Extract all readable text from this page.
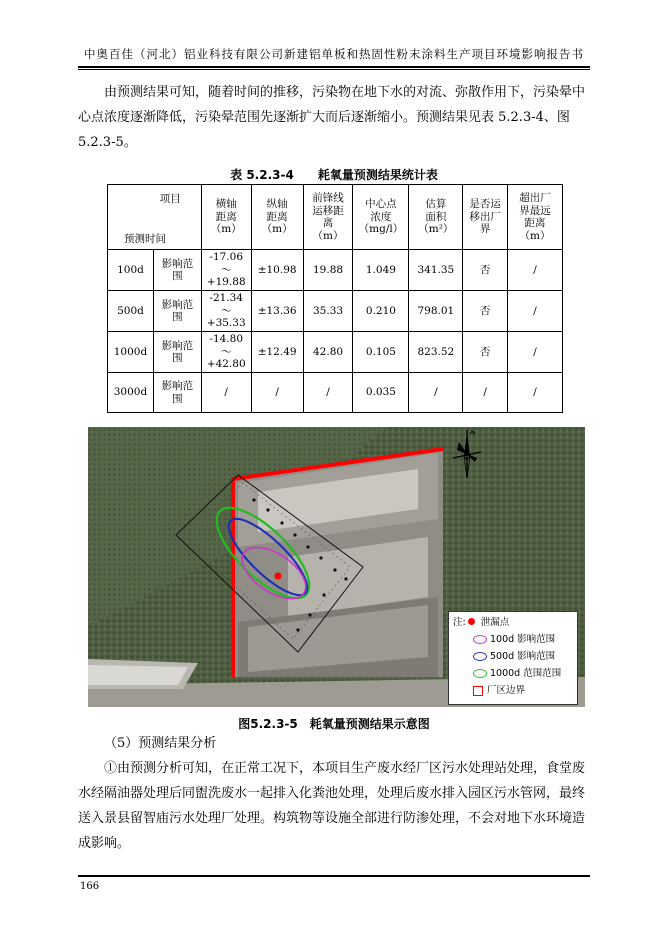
中奥百佳（河北）铝业科技有限公司新建铝单板和热固性粉末涂料生产项目环境影响报告书
由预测结果可知，随着时间的推移，污染物在地下水的对流、弥散作用下，污染晕中心点浓度逐渐降低，污染晕范围先逐渐扩大而后逐渐缩小。预测结果见表 5.2.3-4、图 5.2.3-5。
表 5.2.3-4　　耗氧量预测结果统计表
项目
预测时间		横轴
距离
（m）	纵轴
距离
（m）	前锋线
运移距
离
（m）	中心点
浓度
（mg/l）	估算
面积
（m²）	是否运
移出厂
界	超出厂
界最远
距离
（m）
100d	影响范围	-17.06
～
+19.88	±10.98	19.88	1.049	341.35	否	/
500d	影响范围	-21.34
～
+35.33	±13.36	35.33	0.210	798.01	否	/
1000d	影响范围	-14.80
～
+42.80	±12.49	42.80	0.105	823.52	否	/
3000d	影响范围	/	/	/	0.035	/	/	/
注: 泄漏点
100d 影响范围
500d 影响范围
1000d 范围范围
厂区边界
图5.2.3-5　耗氧量预测结果示意图
（5）预测结果分析
①由预测分析可知，在正常工况下，本项目生产废水经厂区污水处理站处理，食堂废水经隔油器处理后同盥洗废水一起排入化粪池处理，处理后废水排入园区污水管网，最终送入景县留智庙污水处理厂处理。构筑物等设施全部进行防渗处理，不会对地下水环境造成影响。
166
